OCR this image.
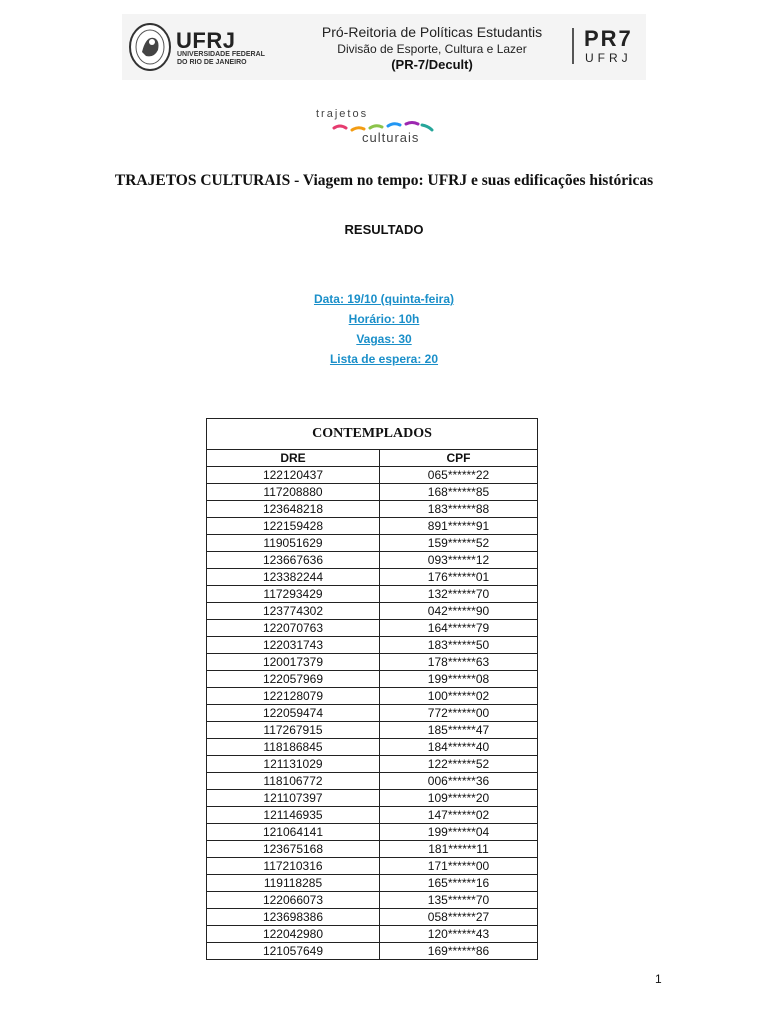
UFRJ
UNIVERSIDADE FEDERAL DO RIO DE JANEIRO
Pró-Reitoria de Políticas Estudantis
Divisão de Esporte, Cultura e Lazer
(PR-7/Decult)
PR7
UFRJ
trajetos
culturais
TRAJETOS CULTURAIS - Viagem no tempo: UFRJ e suas edificações históricas
RESULTADO
Data: 19/10 (quinta-feira)
Horário: 10h
Vagas: 30
Lista de espera: 20
CONTEMPLADOS
DRE	CPF
122120437	065******22
117208880	168******85
123648218	183******88
122159428	891******91
119051629	159******52
123667636	093******12
123382244	176******01
117293429	132******70
123774302	042******90
122070763	164******79
122031743	183******50
120017379	178******63
122057969	199******08
122128079	100******02
122059474	772******00
117267915	185******47
118186845	184******40
121131029	122******52
118106772	006******36
121107397	109******20
121146935	147******02
121064141	199******04
123675168	181******11
117210316	171******00
119118285	165******16
122066073	135******70
123698386	058******27
122042980	120******43
121057649	169******86
1
